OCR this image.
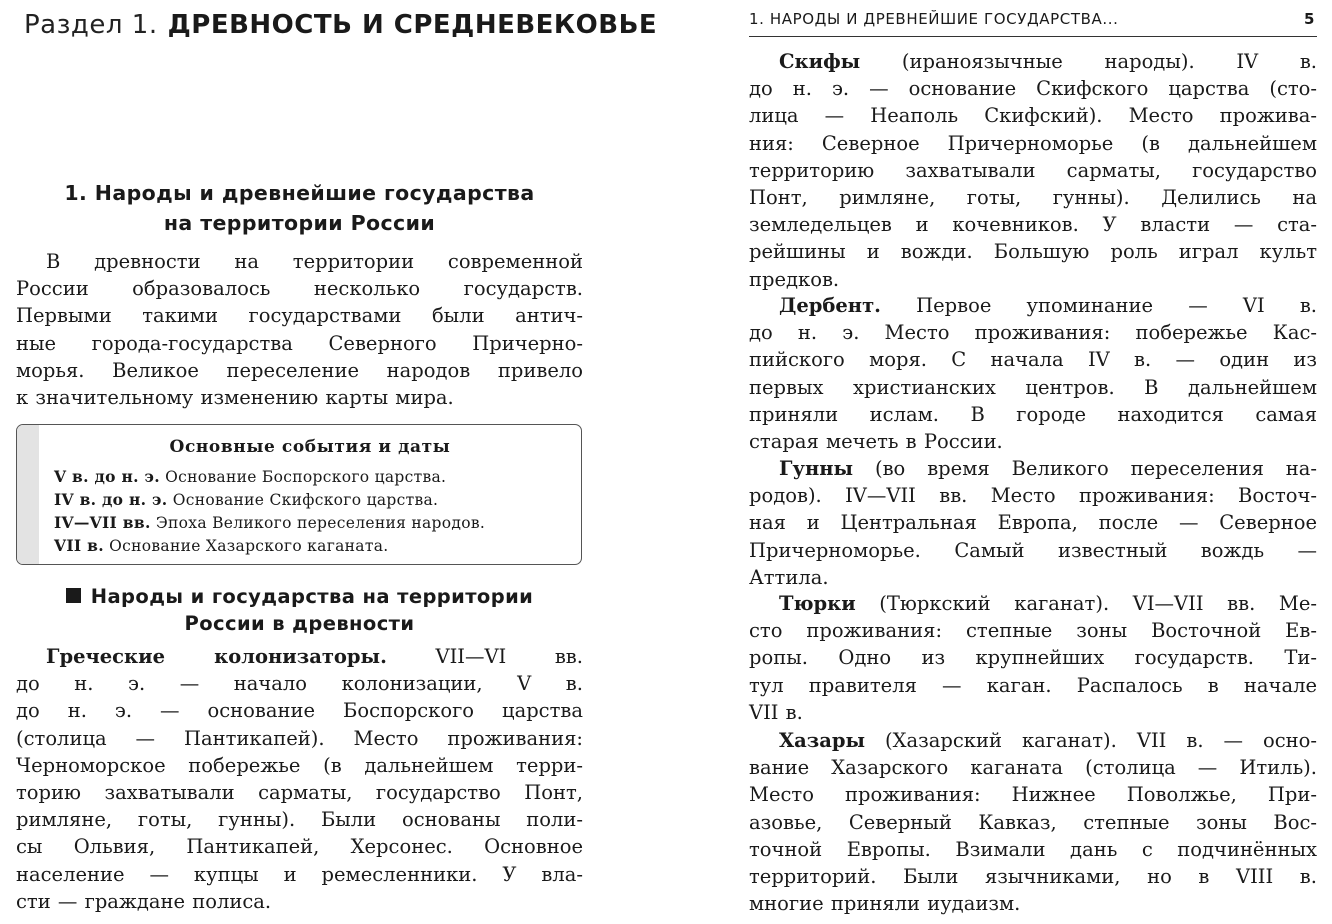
Раздел 1. ДРЕВНОСТЬ И СРЕДНЕВЕКОВЬЕ
1. Народы и древнейшие государства
на территории России
В древности на территории современной
России образовалось несколько государств.
Первыми такими государствами были антич-
ные города-государства Северного Причерно-
морья. Великое переселение народов привело
к значительному изменению карты мира.
Основные события и даты
V в. до н. э. Основание Боспорского царства.
IV в. до н. э. Основание Скифского царства.
IV—VII вв. Эпоха Великого переселения народов.
VII в. Основание Хазарского каганата.
Народы и государства на территории
России в древности
Греческие колонизаторы. VII—VI вв.
до н. э. — начало колонизации, V в.
до н. э. — основание Боспорского царства
(столица — Пантикапей). Место проживания:
Черноморское побережье (в дальнейшем терри-
торию захватывали сарматы, государство Понт,
римляне, готы, гунны). Были основаны поли-
сы Ольвия, Пантикапей, Херсонес. Основное
население — купцы и ремесленники. У вла-
сти — граждане полиса.
1. НАРОДЫ И ДРЕВНЕЙШИЕ ГОСУДАРСТВА...	5
Скифы (ираноязычные народы). IV в.
до н. э. — основание Скифского царства (сто-
лица — Неаполь Скифский). Место прожива-
ния: Северное Причерноморье (в дальнейшем
территорию захватывали сарматы, государство
Понт, римляне, готы, гунны). Делились на
земледельцев и кочевников. У власти — ста-
рейшины и вожди. Большую роль играл культ
предков.
Дербент. Первое упоминание — VI в.
до н. э. Место проживания: побережье Кас-
пийского моря. С начала IV в. — один из
первых христианских центров. В дальнейшем
приняли ислам. В городе находится самая
старая мечеть в России.
Гунны (во время Великого переселения на-
родов). IV—VII вв. Место проживания: Восточ-
ная и Центральная Европа, после — Северное
Причерноморье. Самый известный вождь —
Аттила.
Тюрки (Тюркский каганат). VI—VII вв. Ме-
сто проживания: степные зоны Восточной Ев-
ропы. Одно из крупнейших государств. Ти-
тул правителя — каган. Распалось в начале
VII в.
Хазары (Хазарский каганат). VII в. — осно-
вание Хазарского каганата (столица — Итиль).
Место проживания: Нижнее Поволжье, При-
азовье, Северный Кавказ, степные зоны Вос-
точной Европы. Взимали дань с подчинённых
территорий. Были язычниками, но в VIII в.
многие приняли иудаизм.
